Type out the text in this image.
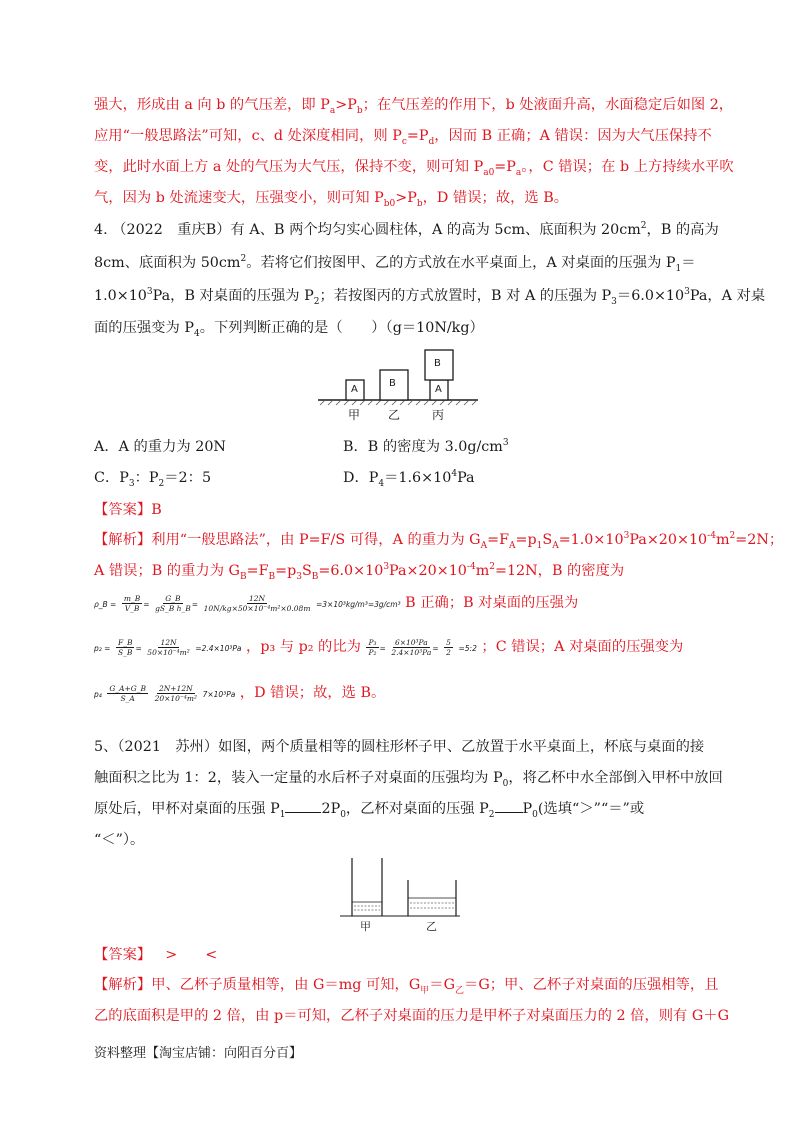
强大，形成由 a 向 b 的气压差，即 $P_a>P_b$；在气压差的作用下，b 处液面升高，水面稳定后如图 2，
应用“一般思路法”可知，c、d 处深度相同，则 $P_c=P_d$，因而 B 正确；A 错误：因为大气压保持不
变，此时水面上方 a 处的气压为大气压，保持不变，则可知 $P_{a0}=P_a$。，C 错误；在 b 上方持续水平吹
气，因为 b 处流速变大，压强变小，则可知 $P_{b0}>P_b$，D 错误；故，选 B。
4. （2022　重庆B）有 A、B 两个均匀实心圆柱体，A 的高为 5cm、底面积为 $20cm^2$，B 的高为
8cm、底面积为 $50cm^2$。若将它们按图甲、乙的方式放在水平桌面上，A 对桌面的压强为 $P_1=$
$1.0\times 10^3Pa$，B 对桌面的压强为 $P_2$；若按图丙的方式放置时，B 对 A 的压强为 $P_3=6.0\times 10^3Pa$，A 对桌
面的压强变为 $P_4$。下列判断正确的是（　　）（g＝10N/kg）
A
B
A
B
甲 乙	丙
A．A 的重力为 20N	B．B 的密度为 $3.0g/cm^3$
C．$P_3$：$P_2=2$：5	D．$P_4=1.6\times 10^4Pa$
【答案】B
【解析】利用“一般思路法”，由 P=F/S 可得，A 的重力为 $G_A=F_A=p_1S_A=1.0\times 10^3Pa\times 20\times 10^{-4}m^2=2N$；
A 错误；B 的重力为 $G_B=F_B=p_3S_B=6.0\times 10^3Pa\times 20\times 10^{-4}m^2=12N$，B 的密度为
ρ_B = $\frac{m\_B}{V\_B} = \frac{G\_B}{\text{gS\_B h\_B}} = \frac{12N}{\text{10N/kg×50×10⁻⁴m²×0.08m}} =3\times 10^3kg/m^3=3g/cm^3$ B 正确；B 对桌面的压强为
$p_2 = \frac{F\_B}{S\_B} = \frac{12N}{\text{50×10⁻⁴m²}} =2.4\times 10^3Pa$ ，p₃ 与 p₂ 的比为 $\frac{\text{P₃}}{\text{P₂}} = \frac{\text{6×10³Pa}}{\text{2.4×10³Pa}} = \frac{5}{2}$ =5:2 ；C 错误；A 对桌面的压强变为
$p_4 \frac{G\_A+G\_B}{S\_A}$
$\frac{2N+12N}{\text{20×10⁻⁴m²}} 7\times 10^3Pa$ ，D 错误；故，选 B。
5、（2021　苏州）如图，两个质量相等的圆柱形杯子甲、乙放置于水平桌面上，杯底与桌面的接
触面积之比为 1：2，装入一定量的水后杯子对桌面的压强均为 $P_0$，将乙杯中水全部倒入甲杯中放回
原处后，甲杯对桌面的压强 $P_1$	$2P_0$，乙杯对桌面的压强 $P_2$ $P_0$(选填“＞”“＝”或
“＜”）。
甲	乙
【答案】 > <
【解析】甲、乙杯子质量相等，由 G＝mg 可知，$G_甲=G_乙=G$；甲、乙杯子对桌面的压强相等，且
乙的底面积是甲的 2 倍，由 p＝可知，乙杯子对桌面的压力是甲杯子对桌面压力的 2 倍，则有 G＋G
资料整理【淘宝店铺：向阳百分百】
